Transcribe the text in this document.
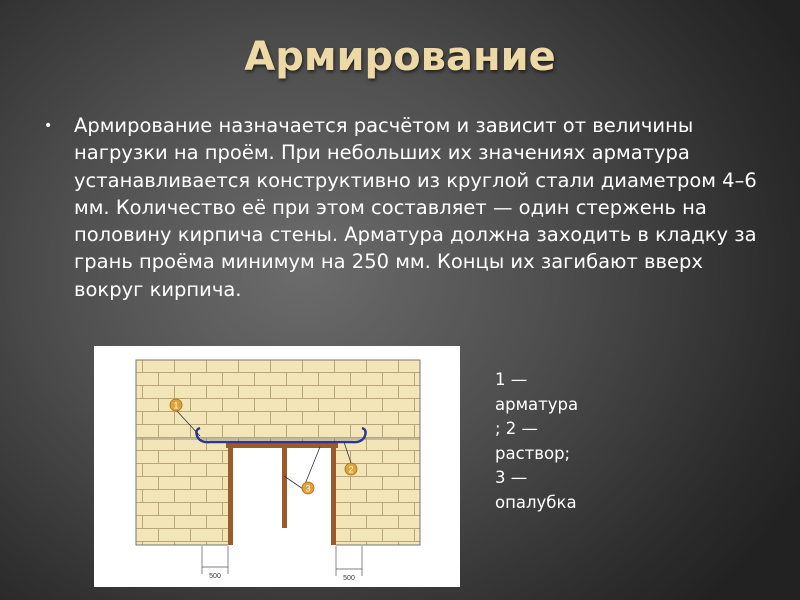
Армирование
• Армирование назначается расчётом и зависит от величины нагрузки на проём. При небольших их значениях арматура устанавливается конструктивно из круглой стали диаметром 4–6 мм. Количество её при этом составляет — один стержень на половину кирпича стены. Арматура должна заходить в кладку за грань проёма минимум на 250 мм. Концы их загибают вверх вокруг кирпича.
1
2
3
500	500
1 —
арматура
; 2 —
раствор;
3 —
опалубка
